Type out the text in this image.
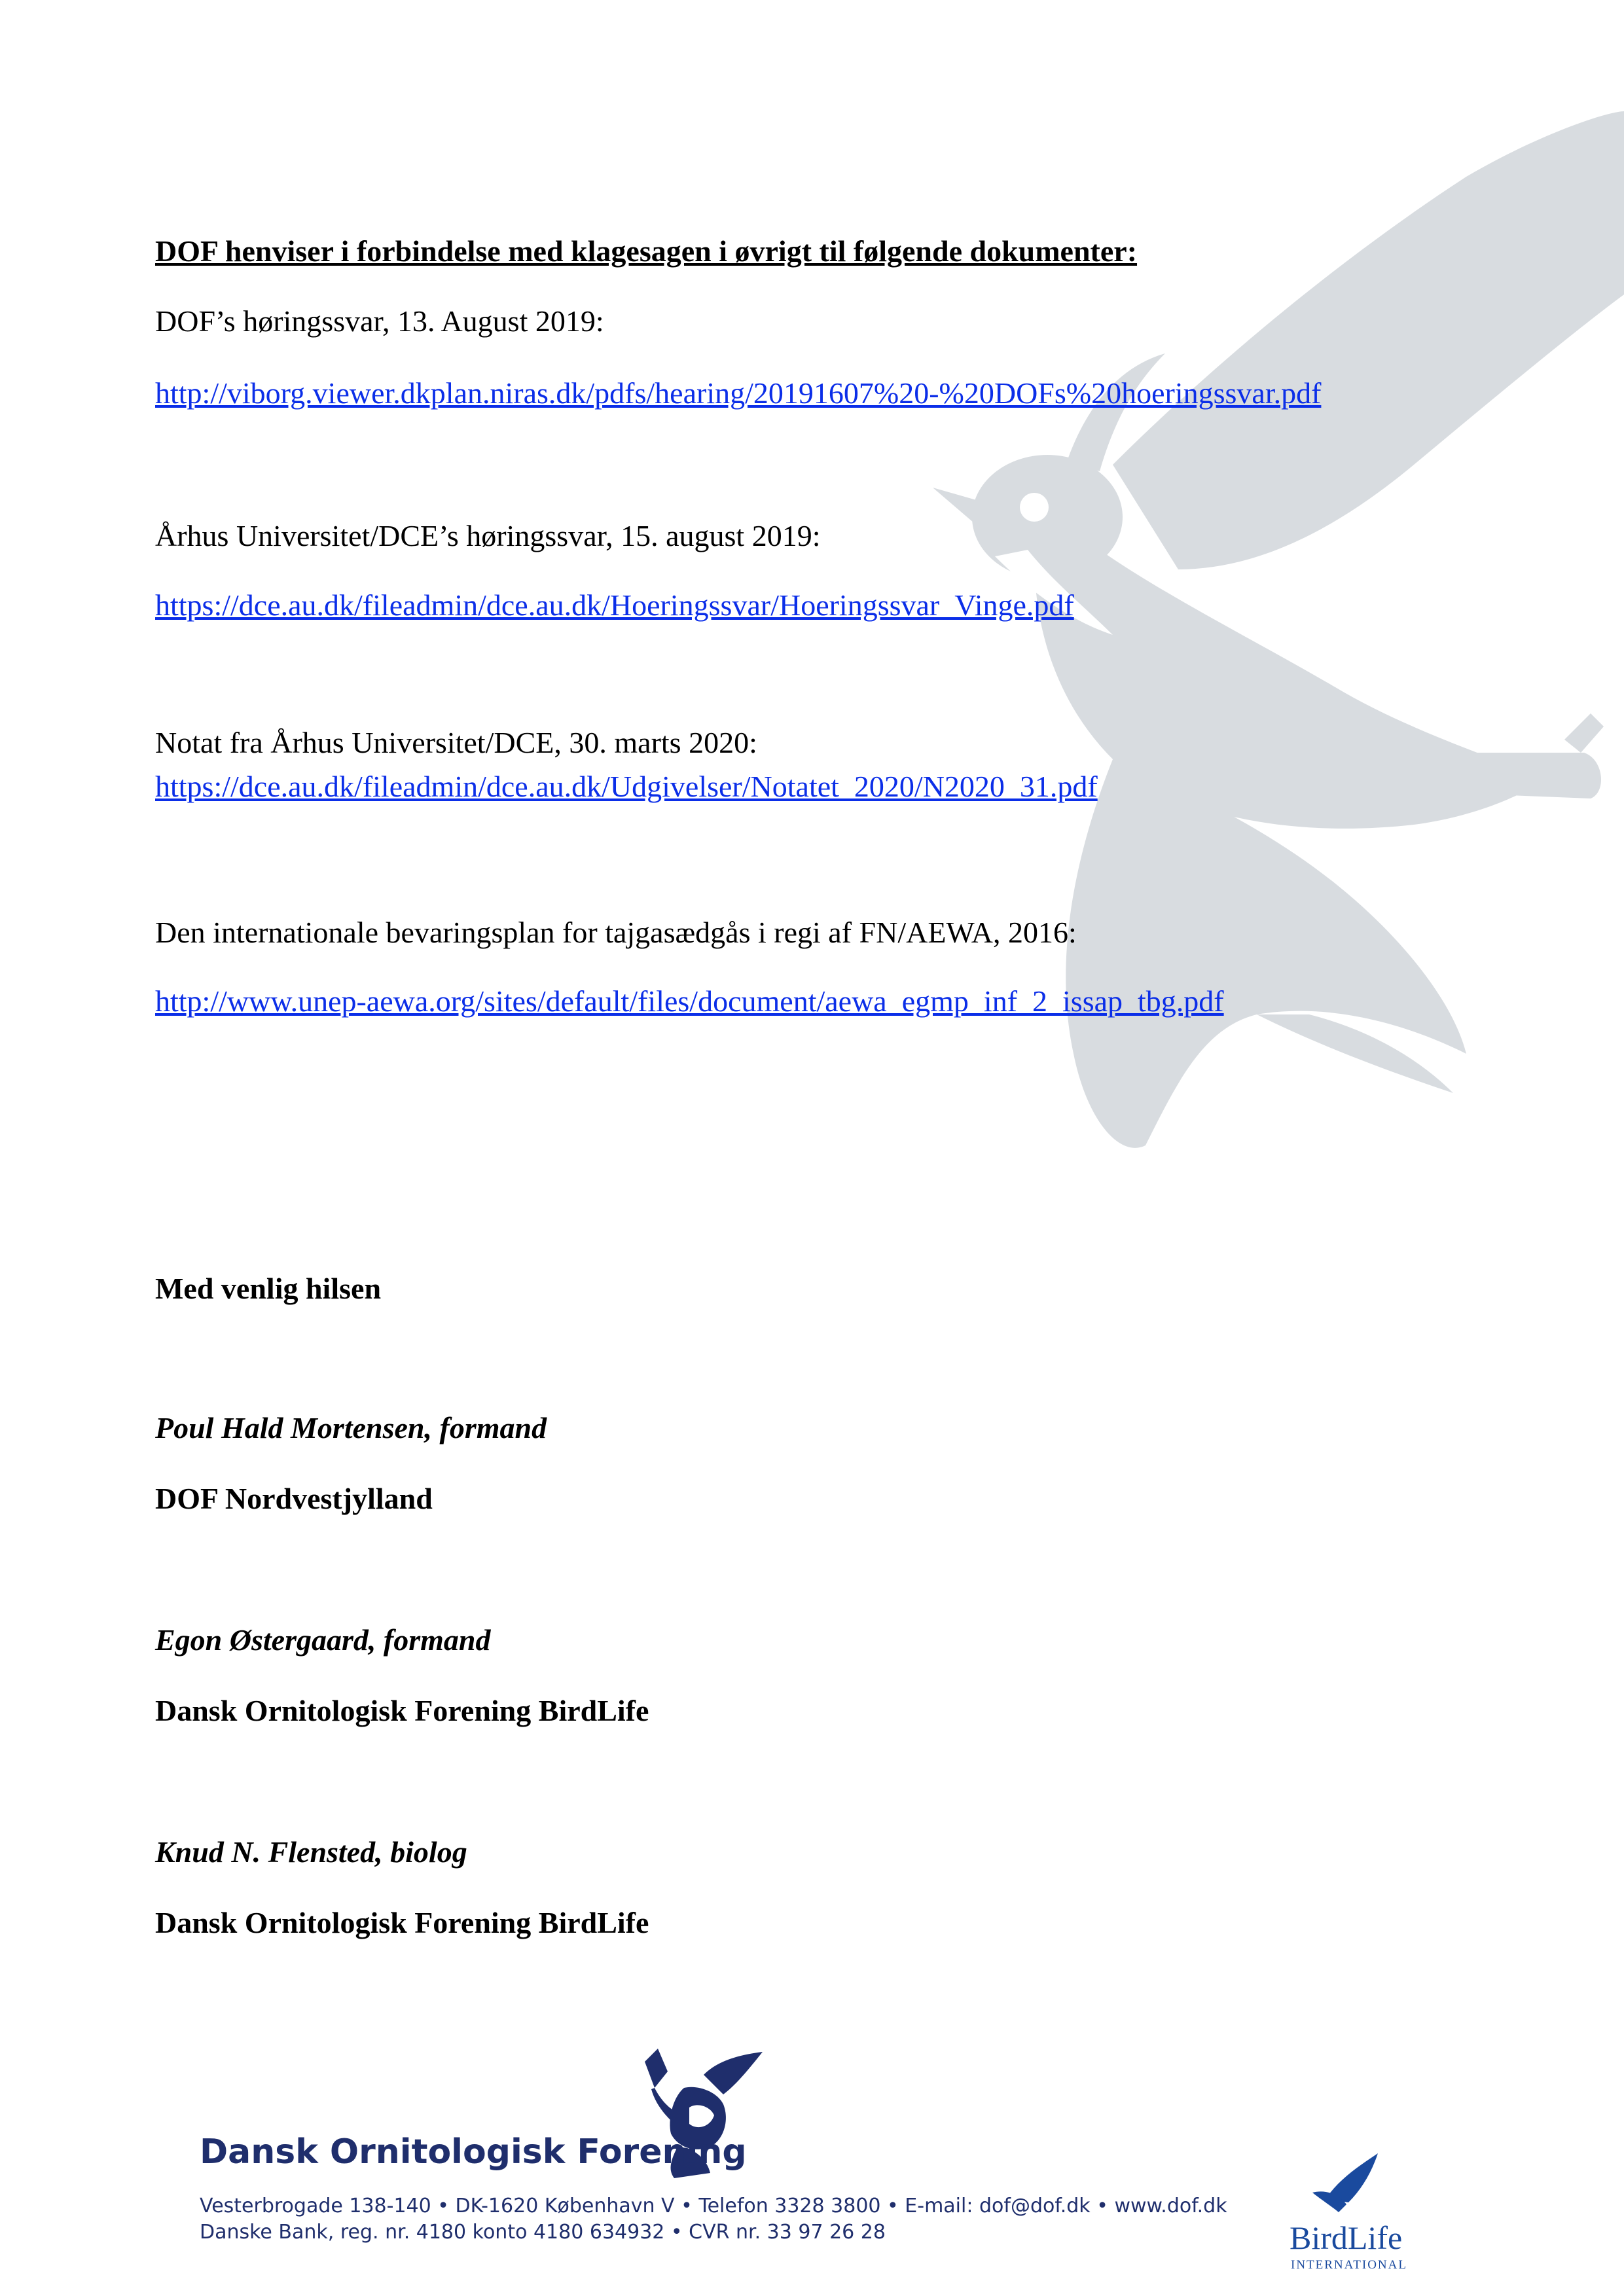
DOF henviser i forbindelse med klagesagen i øvrigt til følgende dokumenter:
DOF’s høringssvar, 13. August 2019:
http://viborg.viewer.dkplan.niras.dk/pdfs/hearing/20191607%20-%20DOFs%20hoeringssvar.pdf
Århus Universitet/DCE’s høringssvar, 15. august 2019:
https://dce.au.dk/fileadmin/dce.au.dk/Hoeringssvar/Hoeringssvar_Vinge.pdf
Notat fra Århus Universitet/DCE, 30. marts 2020:
https://dce.au.dk/fileadmin/dce.au.dk/Udgivelser/Notatet_2020/N2020_31.pdf
Den internationale bevaringsplan for tajgasædgås i regi af FN/AEWA, 2016:
http://www.unep-aewa.org/sites/default/files/document/aewa_egmp_inf_2_issap_tbg.pdf
Med venlig hilsen
Poul Hald Mortensen, formand
DOF Nordvestjylland
Egon Østergaard, formand
Dansk Ornitologisk Forening BirdLife
Knud N. Flensted, biolog
Dansk Ornitologisk Forening BirdLife
Dansk Ornitologisk Forening
Vesterbrogade 138-140 • DK-1620 København V • Telefon 3328 3800 • E-mail: dof@dof.dk • www.dof.dk
Danske Bank, reg. nr. 4180 konto 4180 634932 • CVR nr. 33 97 26 28	BirdLife
INTERNATIONAL
